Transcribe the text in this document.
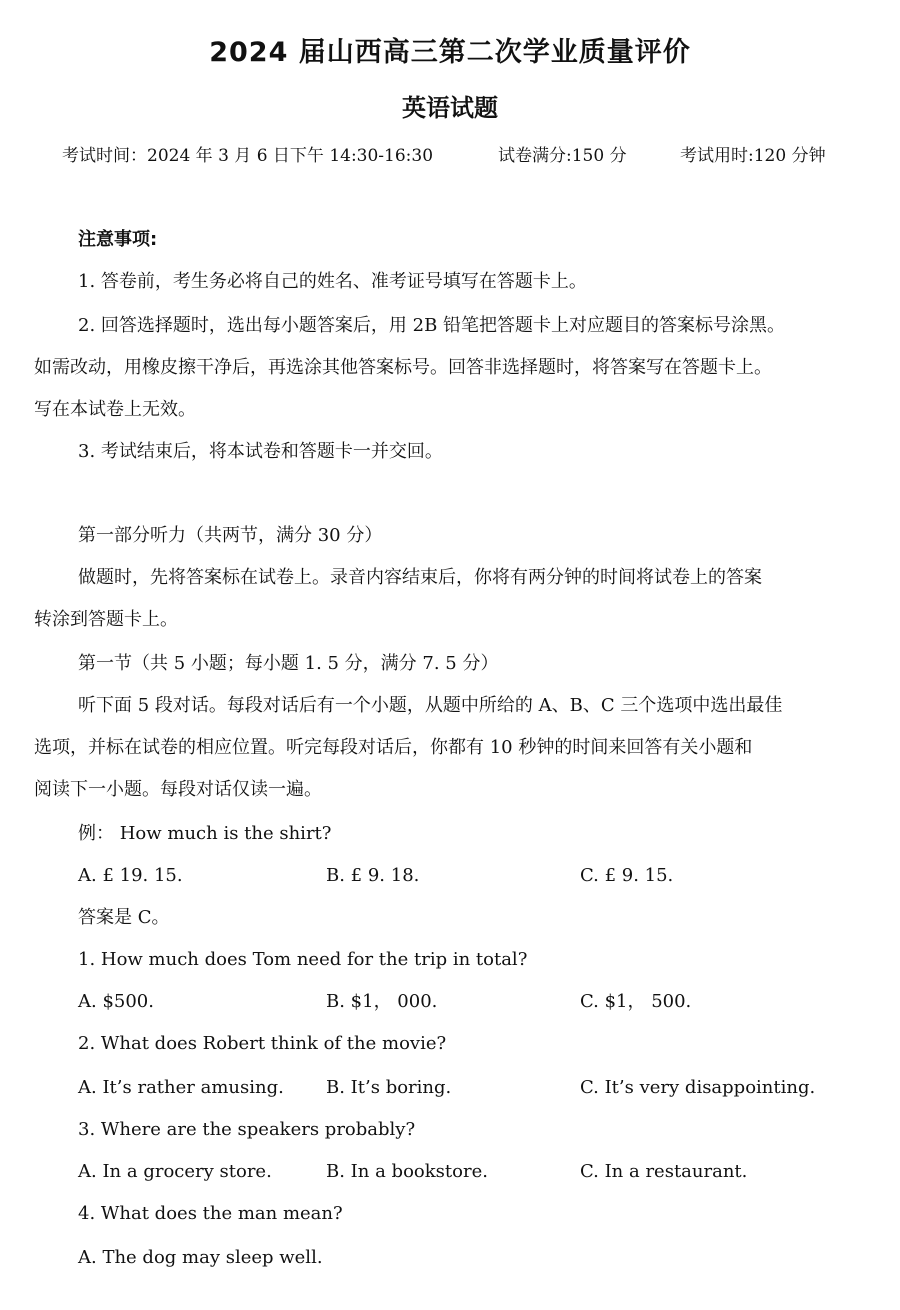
2024 届山西高三第二次学业质量评价
英语试题
考试时间：2024 年 3 月 6 日下午 14:30-16:30	试卷满分:150 分	考试用时:120 分钟
注意事项:
1. 答卷前，考生务必将自己的姓名、准考证号填写在答题卡上。
2. 回答选择题时，选出每小题答案后，用 2B 铅笔把答题卡上对应题目的答案标号涂黑。
如需改动，用橡皮擦干净后，再选涂其他答案标号。回答非选择题时，将答案写在答题卡上。
写在本试卷上无效。
3. 考试结束后，将本试卷和答题卡一并交回。
第一部分听力（共两节，满分 30 分）
做题时，先将答案标在试卷上。录音内容结束后，你将有两分钟的时间将试卷上的答案
转涂到答题卡上。
第一节（共 5 小题；每小题 1. 5 分，满分 7. 5 分）
听下面 5 段对话。每段对话后有一个小题，从题中所给的 A、B、C 三个选项中选出最佳
选项，并标在试卷的相应位置。听完每段对话后，你都有 10 秒钟的时间来回答有关小题和
阅读下一小题。每段对话仅读一遍。
例： How much is the shirt?
A. £ 19. 15.	B. £ 9. 18.	C. £ 9. 15.
答案是 C。
1. How much does Tom need for the trip in total?
A. $500.	B. $1， 000.	C. $1， 500.
2. What does Robert think of the movie?
A. It’s rather amusing. B. It’s boring.	C. It’s very disappointing.
3. Where are the speakers probably?
A. In a grocery store.	B. In a bookstore.	C. In a restaurant.
4. What does the man mean?
A. The dog may sleep well.
